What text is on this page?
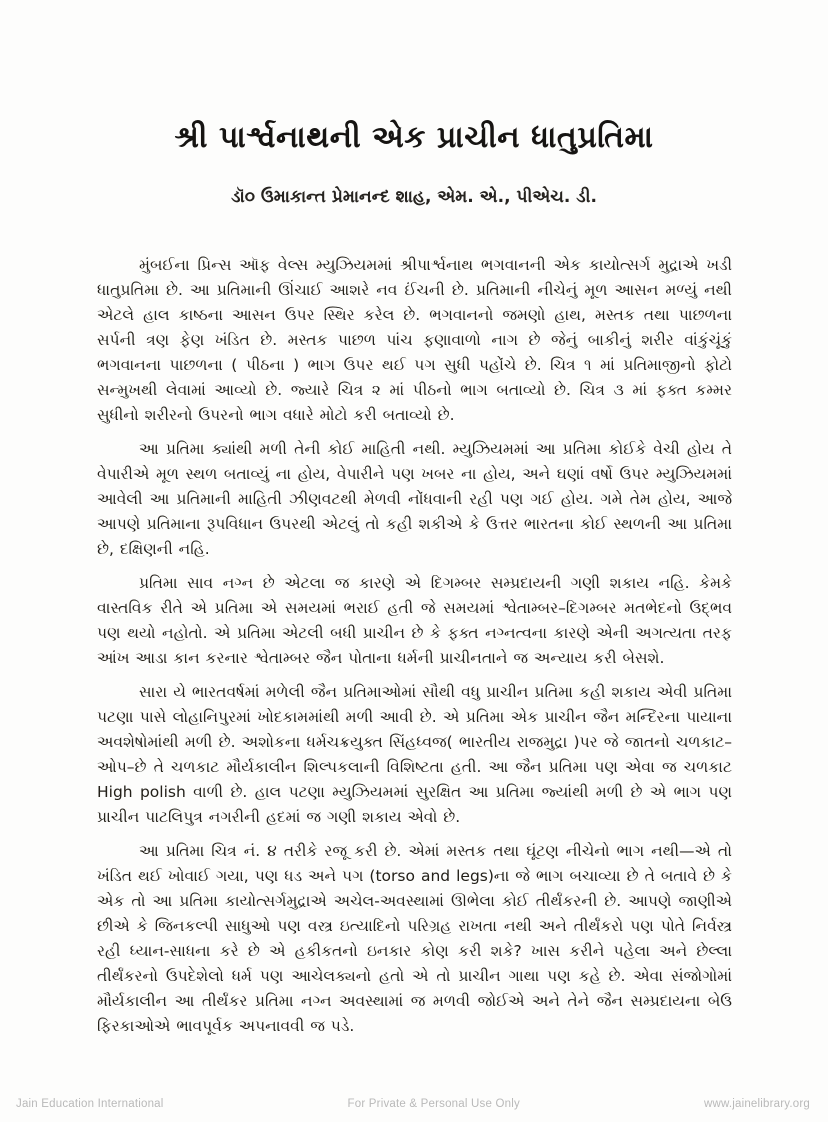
શ્રી પાર્શ્વનાથની એક પ્રાચીન ધાતુપ્રતિમા
ડૉ૦ ઉમાકાન્ત પ્રેમાનન્દ શાહ, એમ. એ., પીએચ. ડી.

મુંબઈના પ્રિન્સ ઑફ વેલ્સ મ્યુઝિયમમાં શ્રીપાર્શ્વનાથ ભગવાનની એક કાયોત્સર્ગ મુદ્રાએ ખડી ધાતુપ્રતિમા છે. આ પ્રતિમાની ઊંચાઈ આશરે નવ ઈંચની છે. પ્રતિમાની નીચેનું મૂળ આસન મળ્યું નથી એટલે હાલ કાષ્ઠના આસન ઉપર સ્થિર કરેલ છે. ભગવાનનો જમણો હાથ, મસ્તક તથા પાછળના સર્પની ત્રણ ફેણ ખંડિત છે. મસ્તક પાછળ પાંચ ફણાવાળો નાગ છે જેનું બાકીનું શરીર વાંકુંચૂંકું ભગવાનના પાછળના ( પીઠના ) ભાગ ઉપર થઈ પગ સુધી પહોંચે છે. ચિત્ર ૧ માં પ્રતિમાજીનો ફોટો સન્મુખથી લેવામાં આવ્યો છે. જ્યારે ચિત્ર ૨ માં પીઠનો ભાગ બતાવ્યો છે. ચિત્ર ૩ માં ફક્ત કમ્મર સુધીનો શરીરનો ઉપરનો ભાગ વધારે મોટો કરી બતાવ્યો છે.

આ પ્રતિમા ક્યાંથી મળી તેની કોઈ માહિતી નથી. મ્યુઝિયમમાં આ પ્રતિમા કોઈકે વેચી હોય તે વેપારીએ મૂળ સ્થળ બતાવ્યું ના હોય, વેપારીને પણ ખબર ના હોય, અને ઘણાં વર્ષો ઉપર મ્યુઝિયમમાં આવેલી આ પ્રતિમાની માહિતી ઝીણવટથી મેળવી નોંધવાની રહી પણ ગઈ હોય. ગમે તેમ હોય, આજે આપણે પ્રતિમાના રૂપવિધાન ઉપરથી એટલું તો કહી શકીએ કે ઉત્તર ભારતના કોઈ સ્થળની આ પ્રતિમા છે, દક્ષિણની નહિ.

પ્રતિમા સાવ નગ્ન છે એટલા જ કારણે એ દિગમ્બર સમ્પ્રદાયની ગણી શકાય નહિ. કેમકે વાસ્તવિક રીતે એ પ્રતિમા એ સમયમાં ભરાઈ હતી જે સમયમાં શ્વેતામ્બર–દિગમ્બર મતભેદનો ઉદ્ભવ પણ થયો નહોતો. એ પ્રતિમા એટલી બધી પ્રાચીન છે કે ફક્ત નગ્નત્વના કારણે એની અગત્યતા તરફ આંખ આડા કાન કરનાર શ્વેતામ્બર જૈન પોતાના ધર્મની પ્રાચીનતાને જ અન્યાય કરી બેસશે.

સારા યે ભારતવર્ષમાં મળેલી જૈન પ્રતિમાઓમાં સૌથી વધુ પ્રાચીન પ્રતિમા કહી શકાય એવી પ્રતિમા પટણા પાસે લોહાનિપુરમાં ખોદકામમાંથી મળી આવી છે. એ પ્રતિમા એક પ્રાચીન જૈન મન્દિરના પાયાના અવશેષોમાંથી મળી છે. અશોકના ધર્મચક્રયુક્ત સિંહધ્વજ( ભારતીય રાજમુદ્રા )પર જે જાતનો ચળકાટ–ઓપ–છે તે ચળકાટ મૌર્યકાલીન શિલ્પકલાની વિશિષ્ટતા હતી. આ જૈન પ્રતિમા પણ એવા જ ચળકાટ High polish વાળી છે. હાલ પટણા મ્યુઝિયમમાં સુરક્ષિત આ પ્રતિમા જ્યાંથી મળી છે એ ભાગ પણ પ્રાચીન પાટલિપુત્ર નગરીની હદમાં જ ગણી શકાય એવો છે.

આ પ્રતિમા ચિત્ર નં. ૪ તરીકે રજૂ કરી છે. એમાં મસ્તક તથા ઘૂંટણ નીચેનો ભાગ નથી—એ તો ખંડિત થઈ ખોવાઈ ગયા, પણ ધડ અને પગ (torso and legs)ના જે ભાગ બચાવ્યા છે તે બતાવે છે કે એક તો આ પ્રતિમા કાયોત્સર્ગમુદ્રાએ અચેલ-અવસ્થામાં ઊભેલા કોઈ તીર્થંકરની છે. આપણે જાણીએ છીએ કે જિનકલ્પી સાધુઓ પણ વસ્ત્ર ઇત્યાદિનો પરિગ્રહ રાખતા નથી અને તીર્થંકરો પણ પોતે નિર્વસ્ત્ર રહી ધ્યાન-સાધના કરે છે એ હકીકતનો ઇનકાર કોણ કરી શકે? ખાસ કરીને પહેલા અને છેલ્લા તીર્થંકરનો ઉપદેશેલો ધર્મ પણ આચેલક્યનો હતો એ તો પ્રાચીન ગાથા પણ કહે છે. એવા સંજોગોમાં મૌર્યકાલીન આ તીર્થંકર પ્રતિમા નગ્ન અવસ્થામાં જ મળવી જોઈએ અને તેને જૈન સમ્પ્રદાયના બેઉ ફિરકાઓએ ભાવપૂર્વક અપનાવવી જ પડે.

Jain Education International	For Private & Personal Use Only	www.jainelibrary.org
